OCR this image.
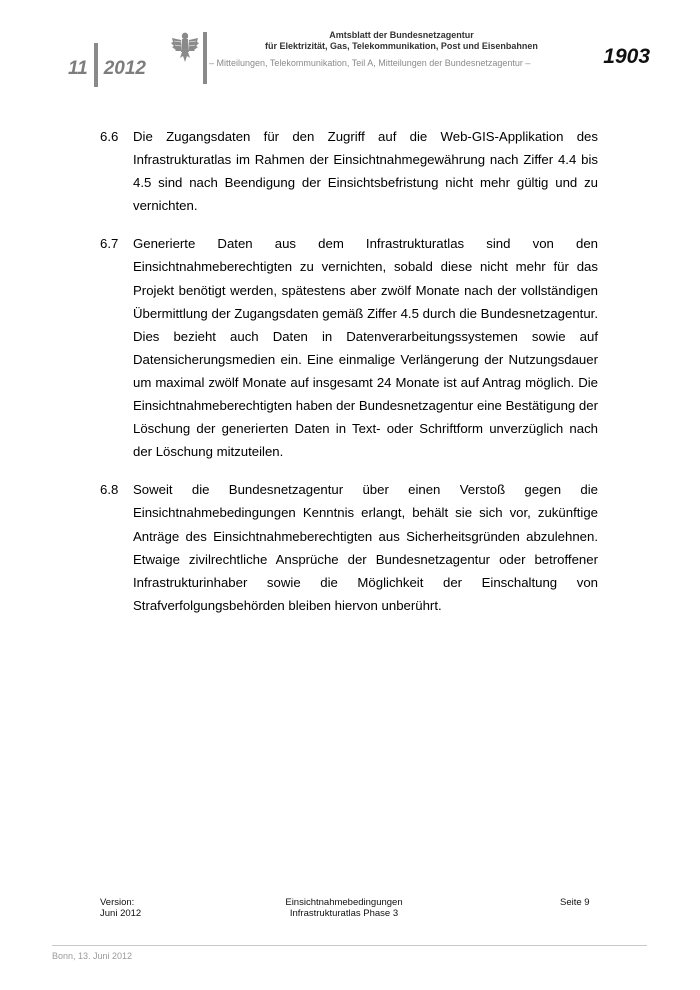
11 2012
Amtsblatt der Bundesnetzagentur
für Elektrizität, Gas, Telekommunikation, Post und Eisenbahnen
– Mitteilungen, Telekommunikation, Teil A, Mitteilungen der Bundesnetzagentur –	1903
6.6	Die Zugangsdaten für den Zugriff auf die Web-GIS-Applikation des Infrastrukturatlas im Rahmen der Einsichtnahmegewährung nach Ziffer 4.4 bis 4.5 sind nach Beendigung der Einsichtsbefristung nicht mehr gültig und zu vernichten.
6.7	Generierte Daten aus dem Infrastrukturatlas sind von den Einsichtnahmeberechtigten zu vernichten, sobald diese nicht mehr für das Projekt benötigt werden, spätestens aber zwölf Monate nach der vollständigen Übermittlung der Zugangsdaten gemäß Ziffer 4.5 durch die Bundesnetzagentur. Dies bezieht auch Daten in Datenverarbeitungssystemen sowie auf Datensicherungsmedien ein. Eine einmalige Verlängerung der Nutzungsdauer um maximal zwölf Monate auf insgesamt 24 Monate ist auf Antrag möglich. Die Einsichtnahmeberechtigten haben der Bundesnetzagentur eine Bestätigung der Löschung der generierten Daten in Text- oder Schriftform unverzüglich nach der Löschung mitzuteilen.
6.8	Soweit die Bundesnetzagentur über einen Verstoß gegen die Einsichtnahmebedingungen Kenntnis erlangt, behält sie sich vor, zukünftige Anträge des Einsichtnahmeberechtigten aus Sicherheitsgründen abzulehnen. Etwaige zivilrechtliche Ansprüche der Bundesnetzagentur oder betroffener Infrastrukturinhaber sowie die Möglichkeit der Einschaltung von Strafverfolgungsbehörden bleiben hiervon unberührt.
Version:
Juni 2012
Einsichtnahmebedingungen
Infrastrukturatlas Phase 3
Seite 9
Bonn, 13. Juni 2012
